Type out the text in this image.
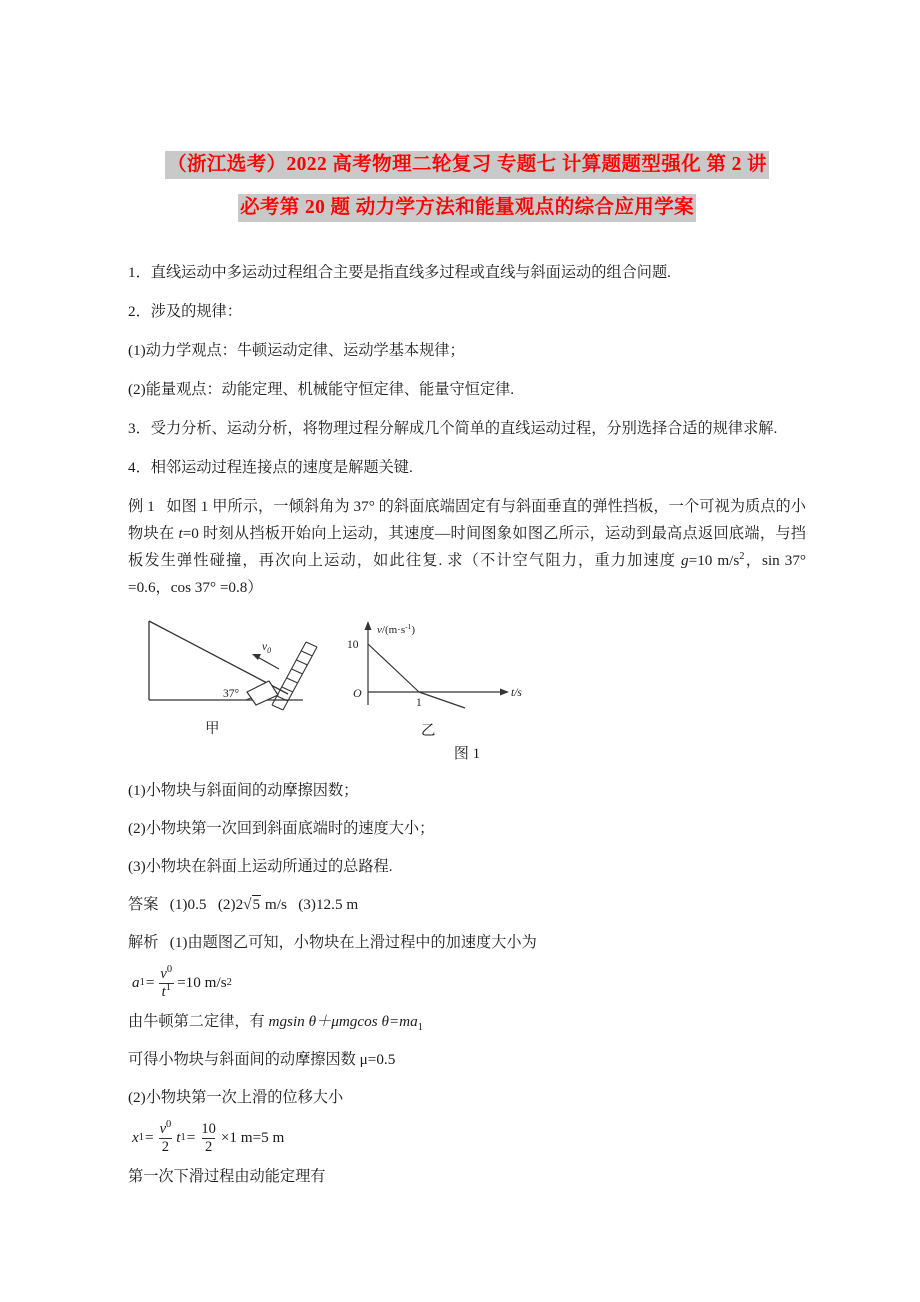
（浙江选考）2022 高考物理二轮复习 专题七 计算题题型强化 第 2 讲
必考第 20 题 动力学方法和能量观点的综合应用学案

1．直线运动中多运动过程组合主要是指直线多过程或直线与斜面运动的组合问题.

2．涉及的规律：

(1)动力学观点：牛顿运动定律、运动学基本规律；

(2)能量观点：动能定理、机械能守恒定律、能量守恒定律.

3．受力分析、运动分析，将物理过程分解成几个简单的直线运动过程，分别选择合适的规律求解.

4．相邻运动过程连接点的速度是解题关键.

例 1 如图 1 甲所示，一倾斜角为 37° 的斜面底端固定有与斜面垂直的弹性挡板，一个可视为质点的小物块在 t=0 时刻从挡板开始向上运动，其速度—时间图象如图乙所示，运动到最高点返回底端，与挡板发生弹性碰撞，再次向上运动，如此往复. 求（不计空气阻力，重力加速度 g=10 $m/s^2$，sin 37° =0.6，cos 37° =0.8）

37°
$v_0$
甲
$v/(m\cdot s^{-1})$
t/s
O
10
1
乙
图 1

(1)小物块与斜面间的动摩擦因数；

(2)小物块第一次回到斜面底端时的速度大小；

(3)小物块在斜面上运动所通过的总路程.

答案 (1)0.5 (2)2√5 m/s (3)12.5 m

解析 (1)由题图乙可知，小物块在上滑过程中的加速度大小为

a $1 = \frac{v^0}{t^1} =10$ m/s 2

由牛顿第二定律，有 mgsin θ＋μmgcos $\theta=ma_1$

可得小物块与斜面间的动摩擦因数 μ=0.5

(2)小物块第一次上滑的位移大小

x $1 = \frac{v^0}{2}$ t $1 = \frac{10}{2} \times 1$ m=5 m

第一次下滑过程由动能定理有
